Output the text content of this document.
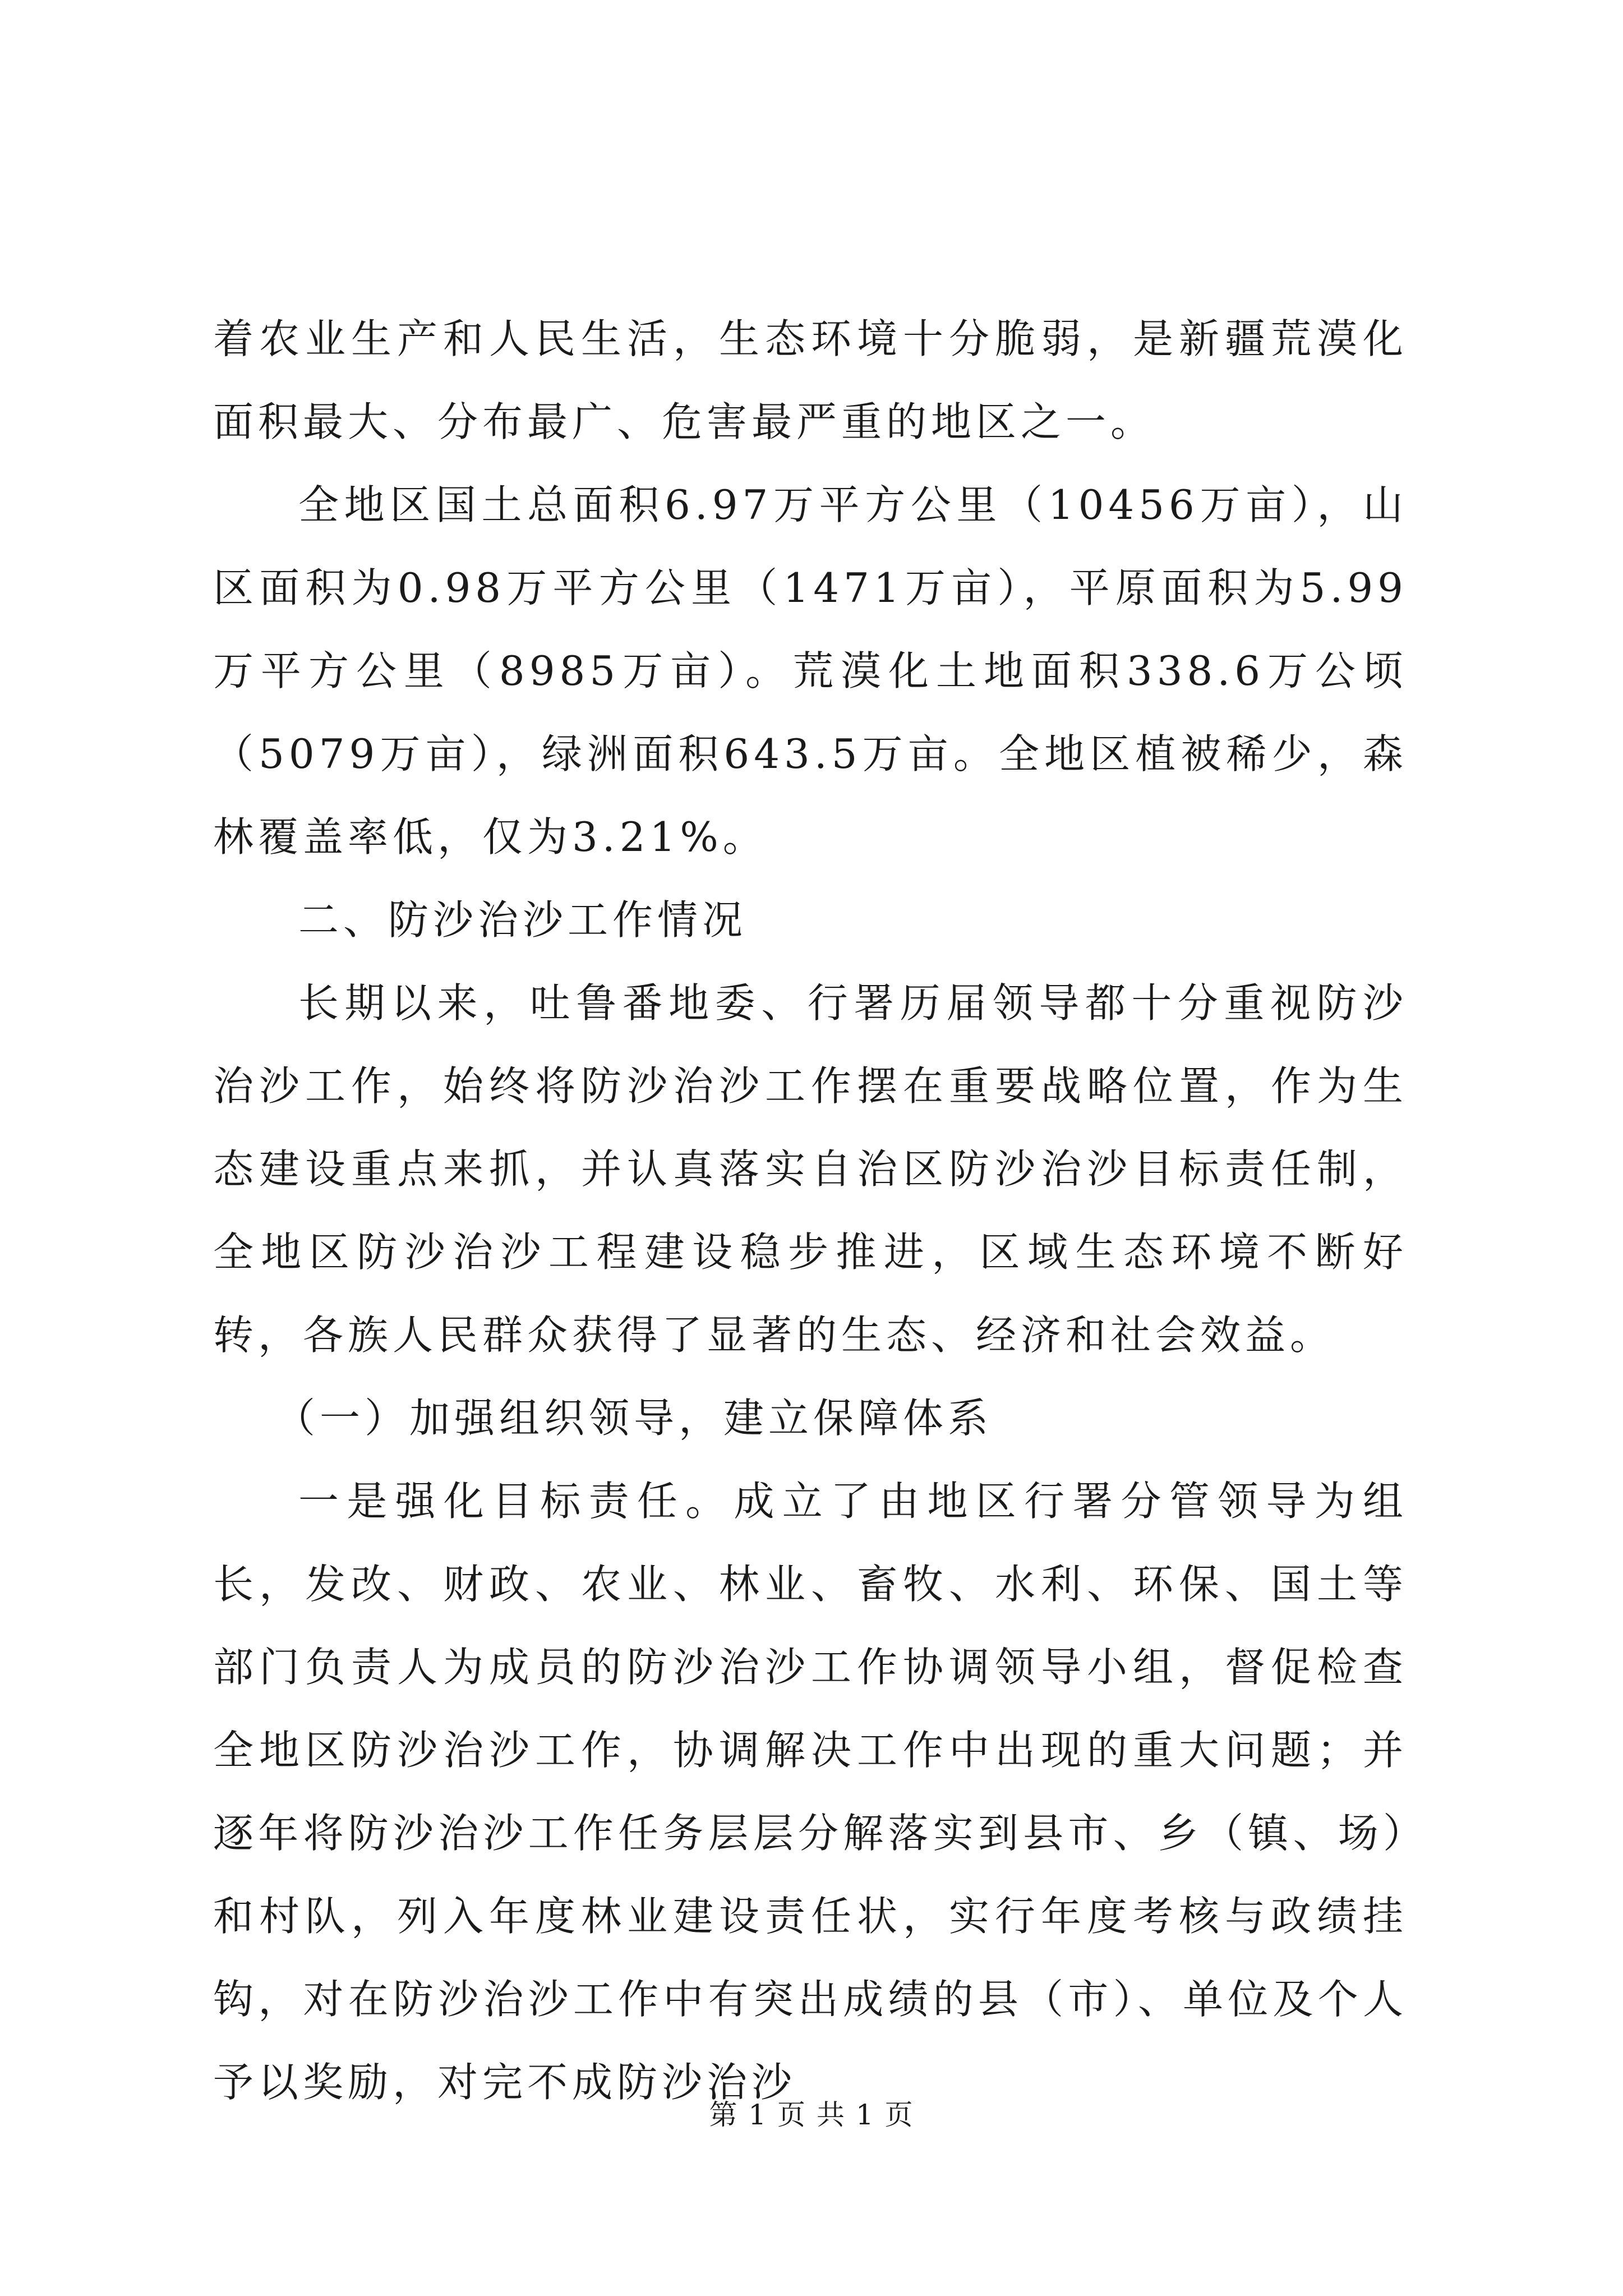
着农业生产和人民生活，生态环境十分脆弱，是新疆荒漠化面积最大、分布最广、危害最严重的地区之一。

全地区国土总面积6.97万平方公里（10456万亩），山区面积为0.98万平方公里（1471万亩），平原面积为5.99万平方公里（8985万亩）。荒漠化土地面积338.6万公顷（5079万亩），绿洲面积643.5万亩。全地区植被稀少，森林覆盖率低，仅为3.21%。

二、防沙治沙工作情况

长期以来，吐鲁番地委、行署历届领导都十分重视防沙治沙工作，始终将防沙治沙工作摆在重要战略位置，作为生态建设重点来抓，并认真落实自治区防沙治沙目标责任制，全地区防沙治沙工程建设稳步推进，区域生态环境不断好转，各族人民群众获得了显著的生态、经济和社会效益。

（一）加强组织领导，建立保障体系

一是强化目标责任。成立了由地区行署分管领导为组长，发改、财政、农业、林业、畜牧、水利、环保、国土等部门负责人为成员的防沙治沙工作协调领导小组，督促检查全地区防沙治沙工作，协调解决工作中出现的重大问题；并逐年将防沙治沙工作任务层层分解落实到县市、乡（镇、场）和村队，列入年度林业建设责任状，实行年度考核与政绩挂钩，对在防沙治沙工作中有突出成绩的县（市）、单位及个人予以奖励，对完不成防沙治沙

第 1 页 共 1 页
